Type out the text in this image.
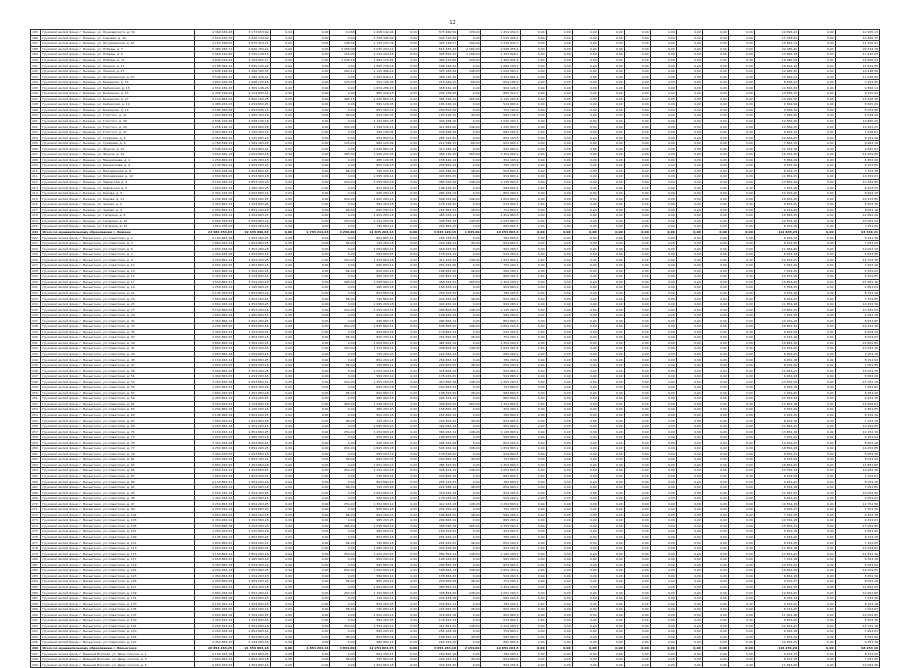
12
185	Грузовой жилой фонд: г. Бежецк, ул. Луначарского, д. 34	4 369 632,48	3 173 653,00	0,00	0,00	10,68	1 458 142,64	0,00	575 466,50	728,00	1 254 450,3	0,00	0,00	0,00	0,00	0,00	0,00	0,00	0,00	0,00	14 595,22	0,00	12 265 13
186	Грузовой жилой фонд: г. Бежецк, ул. Садовая, д. 49	2 616 432,32	2 446 154,00	0,00	0,00	0,00	1 238 445,94	0,00	344 115,99	0,00	1 015 455,2	0,00	0,00	0,00	0,00	0,00	0,00	0,00	0,00	0,00	11 534,65	0,00	10 465 37
187	Грузовой жилой фонд: г. Бежецк, ул. Штурманская, д. 20	3 152 166,05	2 875 454,15	0,00	0,00	198,34	1 145 215,76	0,00	425 148,27	166,00	1 216 843,7	0,00	0,00	0,00	0,00	0,00	0,00	0,00	0,00	0,00	15 644,14	0,00	11 158 91
188	Грузовой жилой фонд: г. Бежецк, ул. Победы, д. 7	5 484 256,71	4 926 784,14	0,00	0,00	4 256,06	2 045 264,12	0,00	614 155,23	2 184,00	1 948 256,4	0,00	0,00	0,00	0,00	0,00	0,00	0,00	0,00	0,00	22 185,42	0,00	20 544 78
189	Грузовой жилой фонд: г. Бежецк, ул. Победы, д. 9	2 956 144,82	2 745 128,15	0,00	0,00	154,00	1 154 263,16	0,00	394 825,15	1 186,00	1 154 826,1	0,00	0,00	0,00	0,00	0,00	0,00	0,00	0,00	0,00	13 845,18	0,00	11 245 63
190	Грузовой жилой фонд: г. Бежецк, ул. Победы, д. 11	3 845 259,44	3 184 652,17	0,00	0,00	1 236,18	1 584 125,25	0,00	485 124,86	528,00	1 365 842,5	0,00	0,00	0,00	0,00	0,00	0,00	0,00	0,00	0,00	16 485,25	0,00	14 856 44
191	Грузовой жилой фонд: г. Бежецк, ул. Ленина, д. 37	4 158 364,15	3 845 126,42	0,00	0,00	0,00	1 845 236,18	0,00	548 126,42	0,00	1 584 263,1	0,00	0,00	0,00	0,00	0,00	0,00	0,00	0,00	0,00	18 452,16	0,00	15 624 85
192	Грузовой жилой фонд: г. Бежецк, ул. Ленина, д. 47	2 845 126,36	2 456 183,55	0,00	0,00	564,12	1 125 486,14	0,00	325 184,26	348,00	1 024 563,2	0,00	0,00	0,00	0,00	0,00	0,00	0,00	0,00	0,00	12 485,36	0,00	10 248 56
193	Грузовой жилой фонд: г. Бежецк, ул. Штурманская, д. 70	3 548 264,15	3 185 426,14	0,00	0,00	0,00	1 425 846,14	0,00	458 126,36	0,00	1 354 862,4	0,00	0,00	0,00	0,00	0,00	0,00	0,00	0,00	0,00	15 846,24	0,00	13 548 26
194	Грузовой жилой фонд: г. Бежецк, ул. Бежецкая, д. 15	1 854 263,18	1 648 125,16	0,00	0,00	125,00	754 126,36	0,00	215 484,15	86,00	654 182,5	0,00	0,00	0,00	0,00	0,00	0,00	0,00	0,00	0,00	8 456,12	0,00	7 254 85
195	Грузовой жилой фонд: г. Бежецк, ул. Рыбинская, д. 15	2 654 182,25	2 365 148,26	0,00	0,00	0,00	1 054 286,15	0,00	318 542,16	0,00	954 126,3	0,00	0,00	0,00	0,00	0,00	0,00	0,00	0,00	0,00	11 845,26	0,00	9 856 14
196	Грузовой жилой фонд: г. Бежецк, ул. Бежецкая, д. 13	2 456 318,26	2 154 863,14	0,00	0,00	0,00	985 426,18	0,00	294 158,26	0,00	865 214,7	0,00	0,00	0,00	0,00	0,00	0,00	0,00	0,00	0,00	10 584,15	0,00	9 245 63
197	Грузовой жилой фонд: г. Бежецк, ул. Бежецкая, д. 17	3 154 863,24	2 845 163,25	0,00	0,00	485,15	1 245 863,18	0,00	384 126,15	265,00	1 145 263,8	0,00	0,00	0,00	0,00	0,00	0,00	0,00	0,00	0,00	14 256,16	0,00	12 548 36
198	Грузовой жилой фонд: г. Бежецк, ул. Рыбинская, д. 19	1 485 263,15	1 254 863,25	0,00	0,00	0,00	584 126,35	0,00	185 426,14	0,00	524 863,4	0,00	0,00	0,00	0,00	0,00	0,00	0,00	0,00	0,00	6 584,26	0,00	5 845 26
199	Грузовой жилой фонд: г. Бежецк, ул. Бежецкая, д. 13	2 185 463,28	1 954 826,15	0,00	0,00	0,00	854 263,15	0,00	256 814,26	0,00	754 163,2	0,00	0,00	0,00	0,00	0,00	0,00	0,00	0,00	0,00	9 584,26	0,00	8 254 85
200	Грузовой жилой фонд: г. Бежецк, ул. Толстого, д. 21	1 654 825,26	1 485 263,18	0,00	0,00	86,00	654 182,25	0,00	195 426,15	48,00	584 126,3	0,00	0,00	0,00	0,00	0,00	0,00	0,00	0,00	0,00	7 485,25	0,00	6 548 18
201	Грузовой жилой фонд: г. Бежецк, ул. Толстого, д. 39	2 845 163,26	2 548 126,18	0,00	0,00	0,00	1 154 863,25	0,00	346 258,16	0,00	1 045 263,1	0,00	0,00	0,00	0,00	0,00	0,00	0,00	0,00	0,00	12 584,36	0,00	10 845 26
202	Грузовой жилой фонд: г. Бежецк, ул. Толстого, д. 43	3 258 146,15	2 954 863,28	0,00	0,00	254,00	1 348 526,14	0,00	412 863,26	148,00	1 245 863,5	0,00	0,00	0,00	0,00	0,00	0,00	0,00	0,00	0,00	14 856,25	0,00	12 954 63
203	Грузовой жилой фонд: г. Бежецк, ул. Толстого, д. 47	1 954 863,14	1 745 263,15	0,00	0,00	0,00	784 126,35	0,00	234 568,18	0,00	684 163,2	0,00	0,00	0,00	0,00	0,00	0,00	0,00	0,00	0,00	8 654,12	0,00	7 548 63
204	Грузовой жилой фонд: г. Бежецк, ул. Сухарева, д. 4	2 354 863,16	2 145 863,25	0,00	0,00	0,00	954 863,14	0,00	284 163,25	0,00	854 163,5	0,00	0,00	0,00	0,00	0,00	0,00	0,00	0,00	0,00	10 584,25	0,00	9 154 26
205	Грузовой жилой фонд: г. Бежецк, ул. Сухарева, д. 6	1 784 526,14	1 584 263,18	0,00	0,00	125,00	684 125,26	0,00	214 586,15	86,00	624 863,1	0,00	0,00	0,00	0,00	0,00	0,00	0,00	0,00	0,00	7 854,15	0,00	6 954 18
206	Грузовой жилой фонд: г. Бежецк, ул. Фрунзе, д. 10	2 548 163,25	2 254 863,14	0,00	0,00	0,00	1 045 863,25	0,00	312 584,16	0,00	945 863,2	0,00	0,00	0,00	0,00	0,00	0,00	0,00	0,00	0,00	11 254,18	0,00	9 845 63
207	Грузовой жилой фонд: г. Бежецк, ул. Фрунзе, д. 12	3 654 825,14	3 254 863,18	0,00	0,00	485,00	1 548 263,25	0,00	458 126,35	265,00	1 354 863,2	0,00	0,00	0,00	0,00	0,00	0,00	0,00	0,00	0,00	16 254,36	0,00	14 254 85
208	Грузовой жилой фонд: г. Бежецк, ул. Менделеева, д. 4	1 254 863,25	1 145 263,18	0,00	0,00	0,00	485 126,35	0,00	158 426,14	0,00	454 163,2	0,00	0,00	0,00	0,00	0,00	0,00	0,00	0,00	0,00	5 584,26	0,00	4 854 26
209	Грузовой жилой фонд: г. Бежецк, ул. Менделеева, д. 6	2 145 863,14	1 854 263,25	0,00	0,00	0,00	854 126,18	0,00	254 863,14	0,00	784 163,5	0,00	0,00	0,00	0,00	0,00	0,00	0,00	0,00	0,00	9 254,36	0,00	8 154 85
210	Грузовой жилой фонд: г. Бежецк, ул. Молодёжная, д. 8	1 854 163,26	1 654 863,14	0,00	0,00	86,00	745 263,18	0,00	224 586,25	48,00	654 863,1	0,00	0,00	0,00	0,00	0,00	0,00	0,00	0,00	0,00	8 254,15	0,00	7 154 36
211	Грузовой жилой фонд: г. Бежецк, ул. Молодёжная, д. 10	2 654 863,25	2 354 863,18	0,00	0,00	0,00	1 085 426,14	0,00	324 863,25	0,00	954 863,1	0,00	0,00	0,00	0,00	0,00	0,00	0,00	0,00	0,00	11 854,25	0,00	10 254 63
212	Грузовой жилой фонд: г. Бежецк, ул. Заводская, д. 3	3 154 263,14	2 854 163,25	0,00	0,00	254,00	1 254 863,18	0,00	384 263,26	148,00	1 145 863,2	0,00	0,00	0,00	0,00	0,00	0,00	0,00	0,00	0,00	13 854,26	0,00	12 254 85
213	Грузовой жилой фонд: г. Бежецк, ул. Заводская, д. 5	1 654 263,18	1 485 263,25	0,00	0,00	0,00	654 863,14	0,00	198 426,25	0,00	584 863,2	0,00	0,00	0,00	0,00	0,00	0,00	0,00	0,00	0,00	7 254,18	0,00	6 354 25
214	Грузовой жилой фонд: г. Бежецк, ул. Кирова, д. 9	2 354 163,25	2 054 863,14	0,00	0,00	0,00	945 263,18	0,00	284 163,14	0,00	854 263,5	0,00	0,00	0,00	0,00	0,00	0,00	0,00	0,00	0,00	10 254,26	0,00	8 954 18
215	Грузовой жилой фонд: г. Бежецк, ул. Кирова, д. 11	4 254 863,18	3 854 263,25	0,00	0,00	654,00	1 845 263,14	0,00	548 263,26	348,00	1 654 863,2	0,00	0,00	0,00	0,00	0,00	0,00	0,00	0,00	0,00	18 854,25	0,00	16 254 85
216	Грузовой жилой фонд: г. Бежецк, ул. Чехова, д. 2	1 454 863,14	1 254 863,26	0,00	0,00	0,00	584 263,18	0,00	178 426,25	0,00	524 863,1	0,00	0,00	0,00	0,00	0,00	0,00	0,00	0,00	0,00	6 454,25	0,00	5 654 36
217	Грузовой жилой фонд: г. Бежецк, ул. Чехова, д. 4	2 054 863,25	1 854 163,18	0,00	0,00	86,00	845 263,14	0,00	254 863,25	48,00	754 863,2	0,00	0,00	0,00	0,00	0,00	0,00	0,00	0,00	0,00	9 154,26	0,00	8 054 18
218	Грузовой жилой фонд: г. Бежецк, ул. Гагарина, д. 8	3 854 263,14	3 454 863,25	0,00	0,00	0,00	1 654 263,18	0,00	485 263,14	0,00	1 454 863,5	0,00	0,00	0,00	0,00	0,00	0,00	0,00	0,00	0,00	16 854,25	0,00	14 854 26
219	Грузовой жилой фонд: г. Бежецк, ул. Гагарина, д. 10	2 854 163,26	2 554 863,14	0,00	0,00	254,00	1 154 263,25	0,00	348 263,18	148,00	1 054 863,2	0,00	0,00	0,00	0,00	0,00	0,00	0,00	0,00	0,00	12 554,18	0,00	10 954 63
220	Грузовой жилой фонд: г. Бежецк, ул. Гагарина, д. 12	1 854 263,25	1 654 263,18	0,00	0,00	0,00	745 863,14	0,00	224 863,25	0,00	684 863,1	0,00	0,00	0,00	0,00	0,00	0,00	0,00	0,00	0,00	8 254,26	0,00	7 254 85
221	Итого по муниципальному образованию г. Бежецк	24 586 354,63	19 345 896,63	0,00	1 785 214,63	4 256,00	11 845 263,14	0,00	3 845 126,15	1 845,00	10 254 863,4	0,00	0,00	0,00	0,00	0,00	0,00	0,00	0,00	0,00	112 845,25	0,00	94 536 21
222	Грузовой жилой фонд: г. Весьегонск, ул. Советская, д. 1	2 154 863,18	1 954 263,25	0,00	0,00	0,00	854 863,14	0,00	254 163,25	0,00	784 863,2	0,00	0,00	0,00	0,00	0,00	0,00	0,00	0,00	0,00	9 254,16	0,00	8 154 36
223	Грузовой жилой фонд: г. Весьегонск, ул. Советская, д. 3	1 854 263,14	1 654 863,25	0,00	0,00	86,00	745 263,18	0,00	224 586,14	48,00	654 863,5	0,00	0,00	0,00	0,00	0,00	0,00	0,00	0,00	0,00	8 154,25	0,00	7 054 63
224	Грузовой жилой фонд: г. Весьегонск, ул. Советская, д. 5	2 654 163,25	2 354 263,18	0,00	0,00	0,00	1 054 863,14	0,00	318 263,25	0,00	954 263,1	0,00	0,00	0,00	0,00	0,00	0,00	0,00	0,00	0,00	11 654,26	0,00	10 054 18
225	Грузовой жилой фонд: г. Весьегонск, ул. Советская, д. 7	1 454 263,18	1 254 863,14	0,00	0,00	0,00	584 863,25	0,00	178 263,14	0,00	524 263,2	0,00	0,00	0,00	0,00	0,00	0,00	0,00	0,00	0,00	6 454,18	0,00	5 654 85
226	Грузовой жилой фонд: г. Весьегонск, ул. Советская, д. 9	3 254 863,14	2 954 263,25	0,00	0,00	254,00	1 354 863,18	0,00	412 263,25	148,00	1 254 863,1	0,00	0,00	0,00	0,00	0,00	0,00	0,00	0,00	0,00	14 554,25	0,00	12 754 36
227	Грузовой жилой фонд: г. Весьегонск, ул. Советская, д. 11	2 054 263,25	1 854 863,18	0,00	0,00	0,00	845 863,14	0,00	254 263,26	0,00	754 263,2	0,00	0,00	0,00	0,00	0,00	0,00	0,00	0,00	0,00	9 054,26	0,00	7 954 18
228	Грузовой жилой фонд: г. Весьегонск, ул. Советская, д. 13	1 654 863,14	1 454 263,25	0,00	0,00	86,00	654 263,18	0,00	198 863,25	48,00	584 263,1	0,00	0,00	0,00	0,00	0,00	0,00	0,00	0,00	0,00	7 254,25	0,00	6 354 63
229	Грузовой жилой фонд: г. Весьегонск, ул. Советская, д. 15	2 454 263,18	2 154 863,14	0,00	0,00	0,00	985 263,25	0,00	294 863,14	0,00	865 263,2	0,00	0,00	0,00	0,00	0,00	0,00	0,00	0,00	0,00	10 554,18	0,00	9 254 85
230	Грузовой жилой фонд: г. Весьегонск, ул. Советская, д. 17	3 554 863,25	3 154 263,18	0,00	0,00	485,00	1 548 863,14	0,00	458 263,25	265,00	1 354 263,1	0,00	0,00	0,00	0,00	0,00	0,00	0,00	0,00	0,00	15 854,26	0,00	13 954 36
231	Грузовой жилой фонд: г. Весьегонск, ул. Советская, д. 19	1 254 263,14	1 145 863,25	0,00	0,00	0,00	485 863,18	0,00	158 263,14	0,00	454 863,2	0,00	0,00	0,00	0,00	0,00	0,00	0,00	0,00	0,00	5 554,25	0,00	4 854 63
232	Грузовой жилой фонд: г. Весьегонск, ул. Советская, д. 21	2 145 263,25	1 854 863,14	0,00	0,00	0,00	854 863,18	0,00	254 263,25	0,00	784 263,5	0,00	0,00	0,00	0,00	0,00	0,00	0,00	0,00	0,00	9 254,18	0,00	8 154 26
233	Грузовой жилой фонд: г. Весьегонск, ул. Советская, д. 23	1 854 863,18	1 654 263,14	0,00	0,00	86,00	745 863,25	0,00	224 263,18	48,00	654 263,1	0,00	0,00	0,00	0,00	0,00	0,00	0,00	0,00	0,00	8 254,26	0,00	7 154 85
234	Грузовой жилой фонд: г. Весьегонск, ул. Советская, д. 25	2 654 263,14	2 354 863,25	0,00	0,00	0,00	1 085 263,18	0,00	324 263,14	0,00	954 263,2	0,00	0,00	0,00	0,00	0,00	0,00	0,00	0,00	0,00	11 854,18	0,00	10 254 36
235	Грузовой жилой фонд: г. Весьегонск, ул. Советская, д. 27	3 154 863,25	2 854 263,18	0,00	0,00	254,00	1 254 263,14	0,00	384 863,25	148,00	1 145 263,1	0,00	0,00	0,00	0,00	0,00	0,00	0,00	0,00	0,00	13 854,25	0,00	12 254 63
236	Грузовой жилой фонд: г. Весьегонск, ул. Советская, д. 29	1 654 863,18	1 485 863,14	0,00	0,00	0,00	654 263,25	0,00	198 263,18	0,00	584 263,2	0,00	0,00	0,00	0,00	0,00	0,00	0,00	0,00	0,00	7 254,26	0,00	6 354 18
237	Грузовой жилой фонд: г. Весьегонск, ул. Советская, д. 31	2 354 863,14	2 054 263,25	0,00	0,00	0,00	945 863,18	0,00	284 863,14	0,00	854 863,1	0,00	0,00	0,00	0,00	0,00	0,00	0,00	0,00	0,00	10 254,18	0,00	8 954 85
238	Грузовой жилой фонд: г. Весьегонск, ул. Советская, д. 33	4 254 263,25	3 854 863,18	0,00	0,00	654,00	1 845 863,14	0,00	548 863,25	348,00	1 654 263,5	0,00	0,00	0,00	0,00	0,00	0,00	0,00	0,00	0,00	18 854,26	0,00	16 254 36
239	Грузовой жилой фонд: г. Весьегонск, ул. Советская, д. 35	1 454 263,14	1 254 263,25	0,00	0,00	0,00	584 863,18	0,00	178 863,14	0,00	524 263,2	0,00	0,00	0,00	0,00	0,00	0,00	0,00	0,00	0,00	6 454,25	0,00	5 654 18
240	Грузовой жилой фонд: г. Весьегонск, ул. Советская, д. 37	2 054 863,25	1 854 263,18	0,00	0,00	86,00	845 263,14	0,00	254 863,25	48,00	754 263,1	0,00	0,00	0,00	0,00	0,00	0,00	0,00	0,00	0,00	9 154,18	0,00	8 054 63
241	Грузовой жилой фонд: г. Весьегонск, ул. Советская, д. 39	3 854 863,14	3 454 263,25	0,00	0,00	0,00	1 654 863,18	0,00	485 863,14	0,00	1 454 263,2	0,00	0,00	0,00	0,00	0,00	0,00	0,00	0,00	0,00	16 854,18	0,00	14 854 85
242	Грузовой жилой фонд: г. Весьегонск, ул. Советская, д. 41	2 854 263,25	2 554 263,18	0,00	0,00	254,00	1 154 863,14	0,00	348 863,25	148,00	1 054 263,5	0,00	0,00	0,00	0,00	0,00	0,00	0,00	0,00	0,00	12 554,26	0,00	10 954 36
243	Грузовой жилой фонд: г. Весьегонск, ул. Советская, д. 43	1 854 863,18	1 654 863,14	0,00	0,00	0,00	745 263,25	0,00	224 263,14	0,00	684 263,1	0,00	0,00	0,00	0,00	0,00	0,00	0,00	0,00	0,00	8 254,25	0,00	7 254 18
244	Грузовой жилой фонд: г. Весьегонск, ул. Советская, д. 45	2 154 263,14	1 954 863,25	0,00	0,00	0,00	854 263,18	0,00	254 863,14	0,00	784 263,2	0,00	0,00	0,00	0,00	0,00	0,00	0,00	0,00	0,00	9 254,18	0,00	8 154 63
245	Грузовой жилой фонд: г. Весьегонск, ул. Советская, д. 47	1 854 263,25	1 654 263,18	0,00	0,00	86,00	745 863,14	0,00	224 863,25	48,00	654 263,5	0,00	0,00	0,00	0,00	0,00	0,00	0,00	0,00	0,00	8 154,26	0,00	7 054 85
246	Грузовой жилой фонд: г. Весьегонск, ул. Советская, д. 49	2 654 863,14	2 354 263,25	0,00	0,00	0,00	1 054 263,18	0,00	318 863,14	0,00	954 863,1	0,00	0,00	0,00	0,00	0,00	0,00	0,00	0,00	0,00	11 654,25	0,00	10 054 36
247	Грузовой жилой фонд: г. Весьегонск, ул. Советская, д. 51	1 454 863,25	1 254 263,18	0,00	0,00	0,00	584 263,14	0,00	178 263,25	0,00	524 863,2	0,00	0,00	0,00	0,00	0,00	0,00	0,00	0,00	0,00	6 454,18	0,00	5 654 63
248	Грузовой жилой фонд: г. Весьегонск, ул. Советская, д. 53	3 254 263,18	2 954 863,14	0,00	0,00	254,00	1 354 263,25	0,00	412 863,18	148,00	1 254 263,1	0,00	0,00	0,00	0,00	0,00	0,00	0,00	0,00	0,00	14 554,26	0,00	12 754 18
249	Грузовой жилой фонд: г. Весьегонск, ул. Советская, д. 55	2 054 863,14	1 854 263,25	0,00	0,00	0,00	845 263,18	0,00	254 863,14	0,00	754 863,2	0,00	0,00	0,00	0,00	0,00	0,00	0,00	0,00	0,00	9 054,18	0,00	7 954 85
250	Грузовой жилой фонд: г. Весьегонск, ул. Советская, д. 57	1 654 263,25	1 454 863,18	0,00	0,00	86,00	654 863,14	0,00	198 263,25	48,00	584 863,5	0,00	0,00	0,00	0,00	0,00	0,00	0,00	0,00	0,00	7 254,25	0,00	6 354 36
251	Грузовой жилой фонд: г. Весьегонск, ул. Советская, д. 59	2 454 863,14	2 154 263,25	0,00	0,00	0,00	985 863,18	0,00	294 263,14	0,00	865 863,1	0,00	0,00	0,00	0,00	0,00	0,00	0,00	0,00	0,00	10 554,26	0,00	9 254 18
252	Грузовой жилой фонд: г. Весьегонск, ул. Советская, д. 61	3 554 263,25	3 154 863,18	0,00	0,00	485,00	1 548 263,14	0,00	458 863,25	265,00	1 354 863,2	0,00	0,00	0,00	0,00	0,00	0,00	0,00	0,00	0,00	15 854,18	0,00	13 954 63
253	Грузовой жилой фонд: г. Весьегонск, ул. Советская, д. 63	1 254 863,18	1 145 263,14	0,00	0,00	0,00	485 263,25	0,00	158 863,18	0,00	454 263,1	0,00	0,00	0,00	0,00	0,00	0,00	0,00	0,00	0,00	5 554,26	0,00	4 854 85
254	Грузовой жилой фонд: г. Весьегонск, ул. Советская, д. 65	2 145 863,14	1 854 263,25	0,00	0,00	0,00	854 263,18	0,00	254 863,14	0,00	784 863,2	0,00	0,00	0,00	0,00	0,00	0,00	0,00	0,00	0,00	9 254,25	0,00	8 154 36
255	Грузовой жилой фонд: г. Весьегонск, ул. Советская, д. 67	1 854 263,25	1 654 863,18	0,00	0,00	86,00	745 263,14	0,00	224 863,25	48,00	654 863,5	0,00	0,00	0,00	0,00	0,00	0,00	0,00	0,00	0,00	8 254,18	0,00	7 154 18
256	Грузовой жилой фонд: г. Весьегонск, ул. Советская, д. 69	2 654 863,18	2 354 263,14	0,00	0,00	0,00	1 085 863,25	0,00	324 863,18	0,00	954 863,1	0,00	0,00	0,00	0,00	0,00	0,00	0,00	0,00	0,00	11 854,26	0,00	10 254 85
257	Грузовой жилой фонд: г. Весьегонск, ул. Советская, д. 71	3 154 263,14	2 854 863,25	0,00	0,00	254,00	1 254 863,18	0,00	384 263,14	148,00	1 145 863,2	0,00	0,00	0,00	0,00	0,00	0,00	0,00	0,00	0,00	13 854,18	0,00	12 254 36
258	Грузовой жилой фонд: г. Весьегонск, ул. Советская, д. 73	1 654 263,25	1 485 263,18	0,00	0,00	0,00	654 863,14	0,00	198 863,25	0,00	584 863,1	0,00	0,00	0,00	0,00	0,00	0,00	0,00	0,00	0,00	7 254,25	0,00	6 354 63
259	Грузовой жилой фонд: г. Весьегонск, ул. Советская, д. 75	2 354 263,18	2 054 863,14	0,00	0,00	0,00	945 263,25	0,00	284 263,18	0,00	854 263,2	0,00	0,00	0,00	0,00	0,00	0,00	0,00	0,00	0,00	10 254,26	0,00	8 954 18
260	Грузовой жилой фонд: г. Весьегонск, ул. Советская, д. 77	4 254 863,14	3 854 263,25	0,00	0,00	654,00	1 845 263,18	0,00	548 263,14	348,00	1 654 863,1	0,00	0,00	0,00	0,00	0,00	0,00	0,00	0,00	0,00	18 854,18	0,00	16 254 85
261	Грузовой жилой фонд: г. Весьегонск, ул. Советская, д. 79	1 454 263,25	1 254 863,18	0,00	0,00	0,00	584 263,14	0,00	178 426,25	0,00	524 863,5	0,00	0,00	0,00	0,00	0,00	0,00	0,00	0,00	0,00	6 454,25	0,00	5 654 36
262	Грузовой жилой фонд: г. Весьегонск, ул. Советская, д. 81	2 054 263,18	1 854 163,14	0,00	0,00	86,00	845 263,25	0,00	254 863,18	48,00	754 863,1	0,00	0,00	0,00	0,00	0,00	0,00	0,00	0,00	0,00	9 154,26	0,00	8 054 18
263	Грузовой жилой фонд: г. Весьегонск, ул. Советская, д. 83	3 854 263,25	3 454 863,18	0,00	0,00	0,00	1 654 263,14	0,00	485 263,25	0,00	1 454 863,2	0,00	0,00	0,00	0,00	0,00	0,00	0,00	0,00	0,00	16 854,25	0,00	14 854 85
264	Грузовой жилой фонд: г. Весьегонск, ул. Советская, д. 85	2 854 163,14	2 554 863,25	0,00	0,00	254,00	1 154 263,18	0,00	348 263,14	148,00	1 054 863,5	0,00	0,00	0,00	0,00	0,00	0,00	0,00	0,00	0,00	12 554,18	0,00	10 954 36
265	Грузовой жилой фонд: г. Весьегонск, ул. Советская, д. 87	1 854 263,18	1 654 263,25	0,00	0,00	0,00	745 863,14	0,00	224 863,18	0,00	684 863,1	0,00	0,00	0,00	0,00	0,00	0,00	0,00	0,00	0,00	8 254,25	0,00	7 254 63
266	Грузовой жилой фонд: г. Весьегонск, ул. Советская, д. 89	2 154 863,25	1 954 263,14	0,00	0,00	0,00	854 863,18	0,00	254 163,25	0,00	784 863,2	0,00	0,00	0,00	0,00	0,00	0,00	0,00	0,00	0,00	9 254,26	0,00	8 154 18
267	Грузовой жилой фонд: г. Весьегонск, ул. Советская, д. 91	1 854 263,14	1 654 863,18	0,00	0,00	86,00	745 263,25	0,00	224 586,14	48,00	654 863,1	0,00	0,00	0,00	0,00	0,00	0,00	0,00	0,00	0,00	8 154,18	0,00	7 054 85
268	Грузовой жилой фонд: г. Весьегонск, ул. Советская, д. 93	2 654 163,18	2 354 263,25	0,00	0,00	0,00	1 054 863,14	0,00	318 263,18	0,00	954 263,5	0,00	0,00	0,00	0,00	0,00	0,00	0,00	0,00	0,00	11 654,25	0,00	10 054 36
269	Грузовой жилой фонд: г. Весьегонск, ул. Советская, д. 95	1 454 263,25	1 254 863,14	0,00	0,00	0,00	584 863,18	0,00	178 263,25	0,00	524 263,1	0,00	0,00	0,00	0,00	0,00	0,00	0,00	0,00	0,00	6 454,26	0,00	5 654 63
270	Грузовой жилой фонд: г. Весьегонск, ул. Советская, д. 97	3 254 863,18	2 954 263,25	0,00	0,00	254,00	1 354 863,14	0,00	412 263,18	148,00	1 254 863,2	0,00	0,00	0,00	0,00	0,00	0,00	0,00	0,00	0,00	14 554,18	0,00	12 754 85
271	Грузовой жилой фонд: г. Весьегонск, ул. Советская, д. 99	2 054 263,14	1 854 863,25	0,00	0,00	0,00	845 863,18	0,00	254 263,14	0,00	754 263,5	0,00	0,00	0,00	0,00	0,00	0,00	0,00	0,00	0,00	9 054,25	0,00	7 954 36
272	Грузовой жилой фонд: г. Весьегонск, ул. Советская, д. 101	1 654 863,25	1 454 263,18	0,00	0,00	86,00	654 263,14	0,00	198 863,25	48,00	584 263,1	0,00	0,00	0,00	0,00	0,00	0,00	0,00	0,00	0,00	7 254,26	0,00	6 354 18
273	Грузовой жилой фонд: г. Весьегонск, ул. Советская, д. 103	2 454 263,14	2 154 863,18	0,00	0,00	0,00	985 263,25	0,00	294 863,14	0,00	865 263,2	0,00	0,00	0,00	0,00	0,00	0,00	0,00	0,00	0,00	10 554,18	0,00	9 254 63
274	Грузовой жилой фонд: г. Весьегонск, ул. Советская, д. 105	3 554 863,18	3 154 263,25	0,00	0,00	485,00	1 548 863,14	0,00	458 263,18	265,00	1 354 263,1	0,00	0,00	0,00	0,00	0,00	0,00	0,00	0,00	0,00	15 854,25	0,00	13 954 85
275	Грузовой жилой фонд: г. Весьегонск, ул. Советская, д. 107	1 254 263,25	1 145 863,18	0,00	0,00	0,00	485 863,14	0,00	158 263,25	0,00	454 863,5	0,00	0,00	0,00	0,00	0,00	0,00	0,00	0,00	0,00	5 554,18	0,00	4 854 36
276	Грузовой жилой фонд: г. Весьегонск, ул. Советская, д. 109	2 145 263,14	1 854 863,25	0,00	0,00	0,00	854 863,18	0,00	254 263,14	0,00	784 263,1	0,00	0,00	0,00	0,00	0,00	0,00	0,00	0,00	0,00	9 254,26	0,00	8 154 18
277	Грузовой жилой фонд: г. Весьегонск, ул. Советская, д. 111	1 854 863,25	1 654 263,14	0,00	0,00	86,00	745 863,18	0,00	224 263,25	48,00	654 263,2	0,00	0,00	0,00	0,00	0,00	0,00	0,00	0,00	0,00	8 254,25	0,00	7 154 63
278	Грузовой жилой фонд: г. Весьегонск, ул. Советская, д. 113	2 654 263,18	2 354 863,25	0,00	0,00	0,00	1 085 263,14	0,00	324 263,18	0,00	954 263,5	0,00	0,00	0,00	0,00	0,00	0,00	0,00	0,00	0,00	11 854,18	0,00	10 254 85
279	Грузовой жилой фонд: г. Весьегонск, ул. Советская, д. 115	3 154 863,14	2 854 263,18	0,00	0,00	254,00	1 254 263,25	0,00	384 863,14	148,00	1 145 263,1	0,00	0,00	0,00	0,00	0,00	0,00	0,00	0,00	0,00	13 854,26	0,00	12 254 36
280	Грузовой жилой фонд: г. Весьегонск, ул. Советская, д. 117	1 654 863,25	1 485 863,18	0,00	0,00	0,00	654 263,14	0,00	198 263,25	0,00	584 263,2	0,00	0,00	0,00	0,00	0,00	0,00	0,00	0,00	0,00	7 254,18	0,00	6 354 18
281	Грузовой жилой фонд: г. Весьегонск, ул. Советская, д. 119	2 354 863,18	2 054 263,14	0,00	0,00	0,00	945 863,25	0,00	284 863,18	0,00	854 863,1	0,00	0,00	0,00	0,00	0,00	0,00	0,00	0,00	0,00	10 254,25	0,00	8 954 63
282	Грузовой жилой фонд: г. Весьегонск, ул. Советская, д. 121	4 254 263,14	3 854 863,25	0,00	0,00	654,00	1 845 863,18	0,00	548 863,14	348,00	1 654 263,2	0,00	0,00	0,00	0,00	0,00	0,00	0,00	0,00	0,00	18 854,26	0,00	16 254 85
283	Грузовой жилой фонд: г. Весьегонск, ул. Советская, д. 123	1 454 863,25	1 254 263,18	0,00	0,00	0,00	584 863,14	0,00	178 863,25	0,00	524 263,5	0,00	0,00	0,00	0,00	0,00	0,00	0,00	0,00	0,00	6 454,18	0,00	5 654 36
284	Грузовой жилой фонд: г. Весьегонск, ул. Советская, д. 125	2 054 863,18	1 854 263,25	0,00	0,00	86,00	845 263,14	0,00	254 863,18	48,00	754 263,1	0,00	0,00	0,00	0,00	0,00	0,00	0,00	0,00	0,00	9 154,25	0,00	8 054 18
285	Грузовой жилой фонд: г. Весьегонск, ул. Советская, д. 127	3 854 863,14	3 454 263,18	0,00	0,00	0,00	1 654 863,25	0,00	485 863,14	0,00	1 454 263,2	0,00	0,00	0,00	0,00	0,00	0,00	0,00	0,00	0,00	16 854,26	0,00	14 854 63
286	Грузовой жилой фонд: г. Весьегонск, ул. Советская, д. 129	2 854 263,25	2 554 263,14	0,00	0,00	254,00	1 154 863,18	0,00	348 863,25	148,00	1 054 263,1	0,00	0,00	0,00	0,00	0,00	0,00	0,00	0,00	0,00	12 554,25	0,00	10 954 85
287	Грузовой жилой фонд: г. Весьегонск, ул. Советская, д. 131	1 854 863,18	1 654 863,25	0,00	0,00	0,00	745 263,14	0,00	224 263,18	0,00	684 263,5	0,00	0,00	0,00	0,00	0,00	0,00	0,00	0,00	0,00	8 254,18	0,00	7 254 36
288	Грузовой жилой фонд: г. Весьегонск, ул. Советская, д. 133	2 154 263,14	1 954 863,18	0,00	0,00	0,00	854 263,25	0,00	254 863,14	0,00	784 263,1	0,00	0,00	0,00	0,00	0,00	0,00	0,00	0,00	0,00	9 254,26	0,00	8 154 18
289	Грузовой жилой фонд: г. Весьегонск, ул. Советская, д. 135	1 854 263,25	1 654 263,14	0,00	0,00	86,00	745 863,18	0,00	224 863,25	48,00	654 263,2	0,00	0,00	0,00	0,00	0,00	0,00	0,00	0,00	0,00	8 154,25	0,00	7 054 63
290	Грузовой жилой фонд: г. Весьегонск, ул. Советская, д. 137	2 654 863,18	2 354 263,25	0,00	0,00	0,00	1 054 263,14	0,00	318 863,18	0,00	954 863,5	0,00	0,00	0,00	0,00	0,00	0,00	0,00	0,00	0,00	11 654,18	0,00	10 054 85
291	Грузовой жилой фонд: г. Весьегонск, ул. Советская, д. 139	1 454 263,14	1 254 863,18	0,00	0,00	0,00	584 263,25	0,00	178 263,14	0,00	524 863,1	0,00	0,00	0,00	0,00	0,00	0,00	0,00	0,00	0,00	6 454,26	0,00	5 654 36
292	Грузовой жилой фонд: г. Весьегонск, ул. Советская, д. 141	3 254 263,25	2 954 863,18	0,00	0,00	254,00	1 354 263,14	0,00	412 863,25	148,00	1 254 263,2	0,00	0,00	0,00	0,00	0,00	0,00	0,00	0,00	0,00	14 554,25	0,00	12 754 18
293	Грузовой жилой фонд: г. Весьегонск, ул. Советская, д. 143	2 054 263,18	1 854 863,14	0,00	0,00	0,00	845 263,25	0,00	254 263,18	0,00	754 863,1	0,00	0,00	0,00	0,00	0,00	0,00	0,00	0,00	0,00	9 054,18	0,00	7 954 63
294	Грузовой жилой фонд: г. Весьегонск, ул. Советская, д. 145	1 654 263,14	1 454 863,25	0,00	0,00	86,00	654 863,18	0,00	198 263,14	48,00	584 863,2	0,00	0,00	0,00	0,00	0,00	0,00	0,00	0,00	0,00	7 254,26	0,00	6 354 85
295	Грузовой жилой фонд: г. Весьегонск, ул. Советская, д. 147	2 454 863,25	2 154 263,18	0,00	0,00	0,00	985 863,14	0,00	294 263,25	0,00	865 863,5	0,00	0,00	0,00	0,00	0,00	0,00	0,00	0,00	0,00	10 554,25	0,00	9 254 36
296	Итого по муниципальному образованию г. Весьегонск	26 854 263,25	21 354 863,18	0,00	1 854 263,14	4 854,00	12 254 863,25	0,00	3 954 263,18	2 154,00	10 854 263,5	0,00	0,00	0,00	0,00	0,00	0,00	0,00	0,00	0,00	118 254,26	0,00	98 254 18
297	Грузовой жилой фонд: г. Вышний Волочёк, ул. Двор. Сокола, д. 1	2 154 263,18	1 954 863,25	0,00	0,00	0,00	854 263,14	0,00	254 863,18	0,00	784 263,1	0,00	0,00	0,00	0,00	0,00	0,00	0,00	0,00	0,00	9 254,25	0,00	8 154 63
298	Грузовой жилой фонд: г. Вышний Волочёк, ул. Двор. Сокола, д. 3	1 854 863,14	1 654 263,18	0,00	0,00	86,00	745 863,25	0,00	224 263,14	48,00	654 863,2	0,00	0,00	0,00	0,00	0,00	0,00	0,00	0,00	0,00	8 154,18	0,00	7 054 85
299	Грузовой жилой фонд: г. Вышний Волочёк, ул. Двор. Сокола, д. 5	2 654 263,25	2 354 863,14	0,00	0,00	0,00	1 054 863,18	0,00	318 263,25	0,00	954 263,5	0,00	0,00	0,00	0,00	0,00	0,00	0,00	0,00	0,00	11 654,26	0,00	10 054 36
